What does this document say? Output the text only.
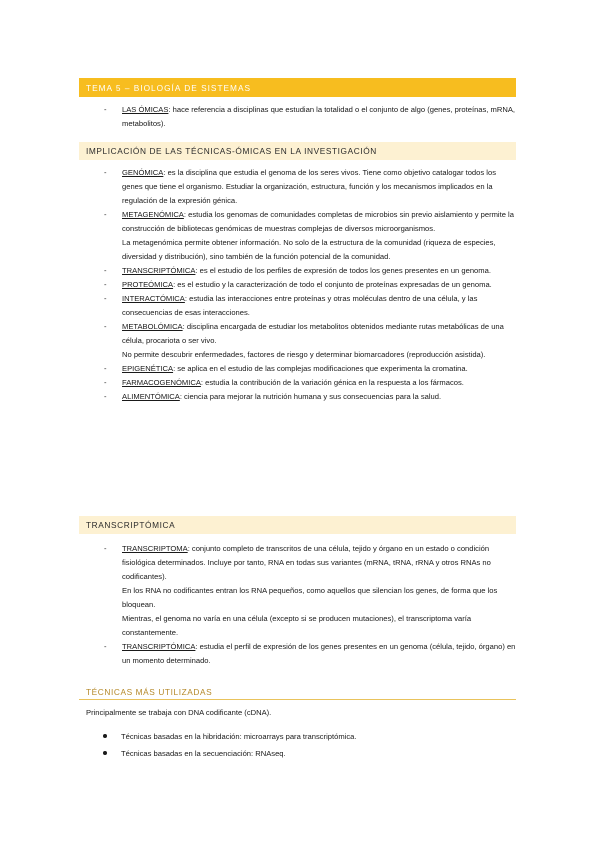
TEMA 5 – BIOLOGÍA DE SISTEMAS
- LAS ÓMICAS: hace referencia a disciplinas que estudian la totalidad o el conjunto de algo (genes, proteínas, mRNA, metabolitos).
IMPLICACIÓN DE LAS TÉCNICAS-ÓMICAS EN LA INVESTIGACIÓN
- GENÓMICA: es la disciplina que estudia el genoma de los seres vivos. Tiene como objetivo catalogar todos los genes que tiene el organismo. Estudiar la organización, estructura, función y los mecanismos implicados en la regulación de la expresión génica.
- METAGENÓMICA: estudia los genomas de comunidades completas de microbios sin previo aislamiento y permite la construcción de bibliotecas genómicas de muestras complejas de diversos microorganismos.
La metagenómica permite obtener información. No solo de la estructura de la comunidad (riqueza de especies, diversidad y distribución), sino también de la función potencial de la comunidad.
- TRANSCRIPTÓMICA: es el estudio de los perfiles de expresión de todos los genes presentes en un genoma.
- PROTEÓMICA: es el estudio y la caracterización de todo el conjunto de proteínas expresadas de un genoma.
- INTERACTÓMICA: estudia las interacciones entre proteínas y otras moléculas dentro de una célula, y las consecuencias de esas interacciones.
- METABOLÓMICA: disciplina encargada de estudiar los metabolitos obtenidos mediante rutas metabólicas de una célula, procariota o ser vivo.
No permite descubrir enfermedades, factores de riesgo y determinar biomarcadores (reproducción asistida).
- EPIGENÉTICA: se aplica en el estudio de las complejas modificaciones que experimenta la cromatina.
- FARMACOGENÓMICA: estudia la contribución de la variación génica en la respuesta a los fármacos.
- ALIMENTÓMICA: ciencia para mejorar la nutrición humana y sus consecuencias para la salud.
TRANSCRIPTÓMICA
- TRANSCRIPTOMA: conjunto completo de transcritos de una célula, tejido y órgano en un estado o condición fisiológica determinados. Incluye por tanto, RNA en todas sus variantes (mRNA, tRNA, rRNA y otros RNAs no codificantes).
En los RNA no codificantes entran los RNA pequeños, como aquellos que silencian los genes, de forma que los bloquean.
Mientras, el genoma no varía en una célula (excepto si se producen mutaciones), el transcriptoma varía constantemente.
- TRANSCRIPTÓMICA: estudia el perfil de expresión de los genes presentes en un genoma (célula, tejido, órgano) en un momento determinado.
TÉCNICAS MÁS UTILIZADAS
Principalmente se trabaja con DNA codificante (cDNA).
Técnicas basadas en la hibridación: microarrays para transcriptómica.
Técnicas basadas en la secuenciación: RNAseq.
